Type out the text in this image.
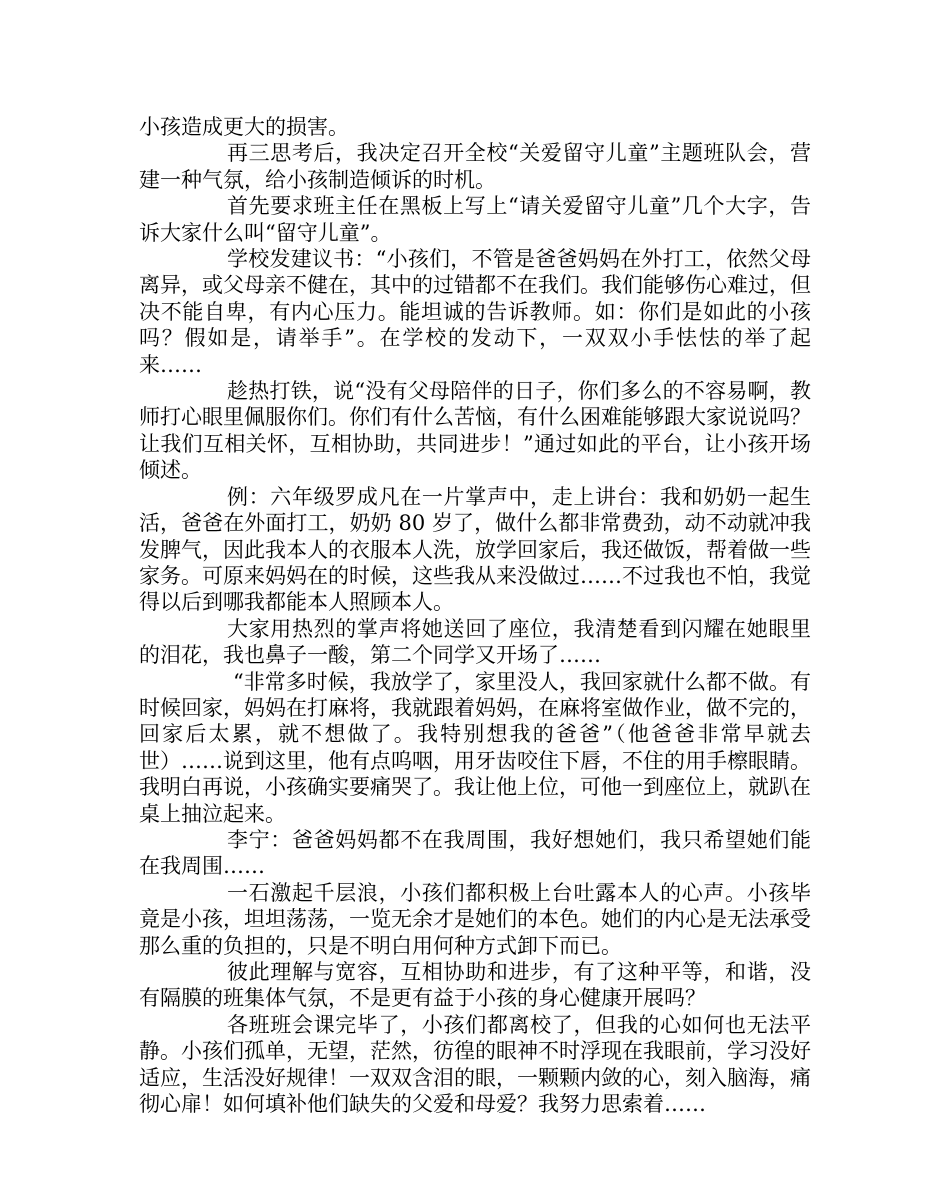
小孩造成更大的损害。

再三思考后，我决定召开全校“关爱留守儿童”主题班队会，营建一种气氛，给小孩制造倾诉的时机。

首先要求班主任在黑板上写上“请关爱留守儿童”几个大字，告诉大家什么叫“留守儿童”。

学校发建议书：“小孩们，不管是爸爸妈妈在外打工，依然父母离异，或父母亲不健在，其中的过错都不在我们。我们能够伤心难过，但决不能自卑，有内心压力。能坦诚的告诉教师。如：你们是如此的小孩吗？假如是，请举手”。在学校的发动下，一双双小手怯怯的举了起来……

趁热打铁，说“没有父母陪伴的日子，你们多么的不容易啊，教师打心眼里佩服你们。你们有什么苦恼，有什么困难能够跟大家说说吗？让我们互相关怀，互相协助，共同进步！”通过如此的平台，让小孩开场倾述。

例：六年级罗成凡在一片掌声中，走上讲台：我和奶奶一起生活，爸爸在外面打工，奶奶 80 岁了，做什么都非常费劲，动不动就冲我发脾气，因此我本人的衣服本人洗，放学回家后，我还做饭，帮着做一些家务。可原来妈妈在的时候，这些我从来没做过……不过我也不怕，我觉得以后到哪我都能本人照顾本人。

大家用热烈的掌声将她送回了座位，我清楚看到闪耀在她眼里的泪花，我也鼻子一酸，第二个同学又开场了……

“非常多时候，我放学了，家里没人，我回家就什么都不做。有时候回家，妈妈在打麻将，我就跟着妈妈，在麻将室做作业，做不完的，回家后太累，就不想做了。我特别想我的爸爸”（他爸爸非常早就去世）……说到这里，他有点呜咽，用牙齿咬住下唇，不住的用手檫眼睛。我明白再说，小孩确实要痛哭了。我让他上位，可他一到座位上，就趴在桌上抽泣起来。

李宁：爸爸妈妈都不在我周围，我好想她们，我只希望她们能在我周围……

一石激起千层浪，小孩们都积极上台吐露本人的心声。小孩毕竟是小孩，坦坦荡荡，一览无余才是她们的本色。她们的内心是无法承受那么重的负担的，只是不明白用何种方式卸下而已。

彼此理解与宽容，互相协助和进步，有了这种平等，和谐，没有隔膜的班集体气氛，不是更有益于小孩的身心健康开展吗？

各班班会课完毕了，小孩们都离校了，但我的心如何也无法平静。小孩们孤单，无望，茫然，彷徨的眼神不时浮现在我眼前，学习没好适应，生活没好规律！一双双含泪的眼，一颗颗内敛的心，刻入脑海，痛彻心扉！如何填补他们缺失的父爱和母爱？我努力思索着……
